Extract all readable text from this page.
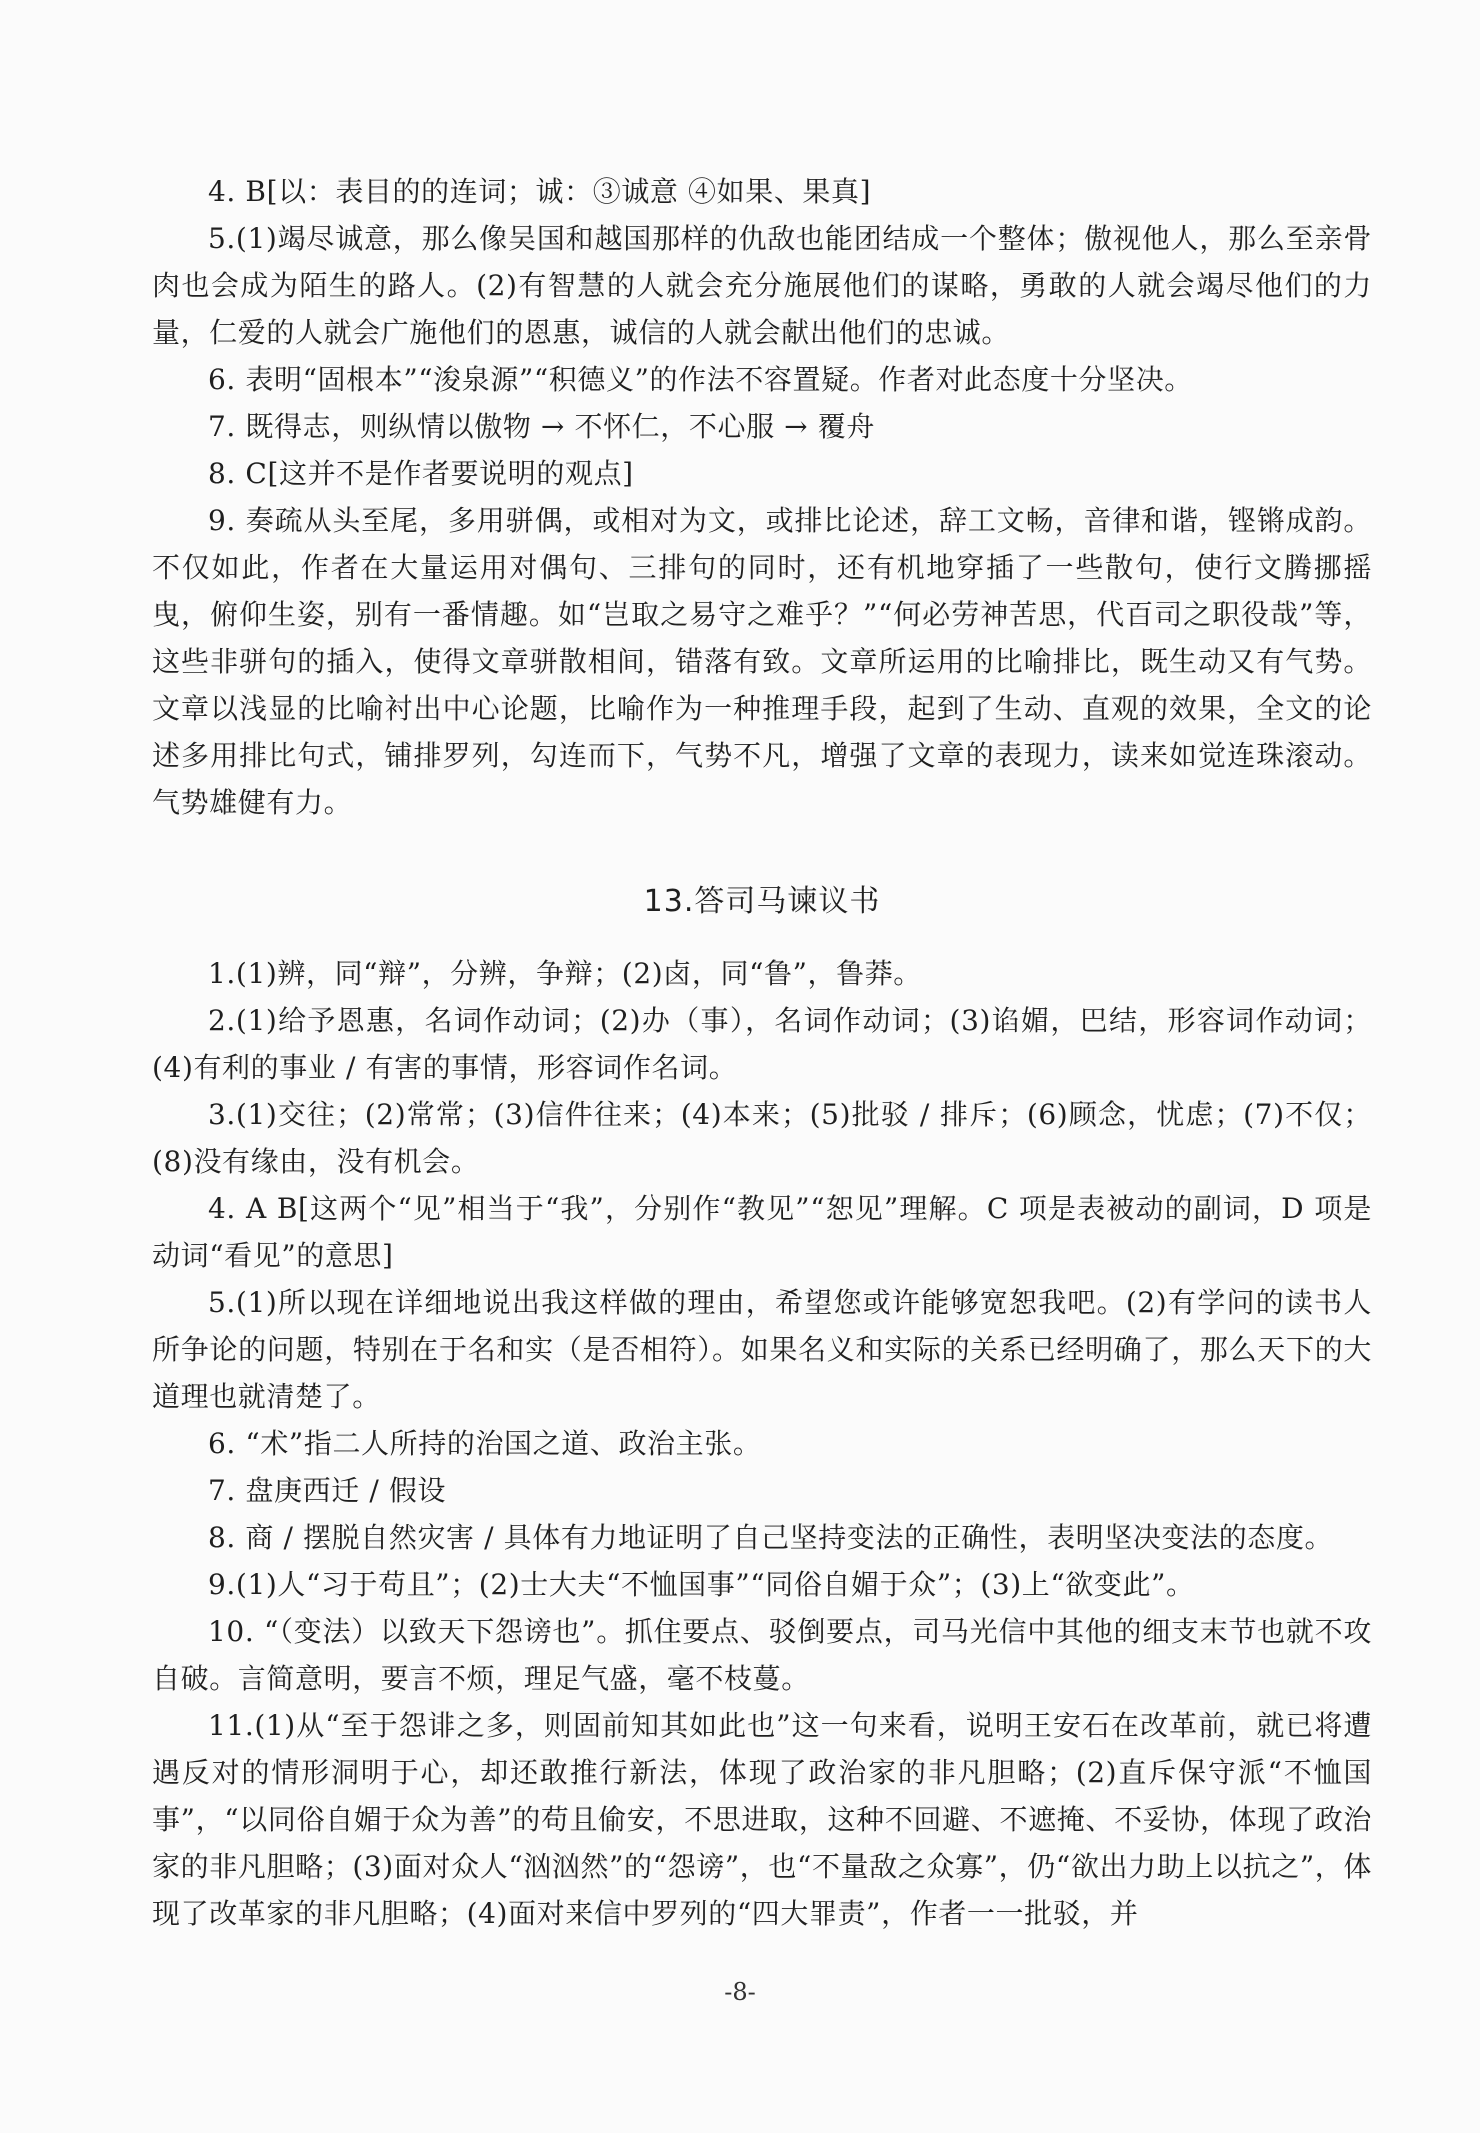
4. B[以：表目的的连词；诚：③诚意 ④如果、果真]

5.(1)竭尽诚意，那么像吴国和越国那样的仇敌也能团结成一个整体；傲视他人，那么至亲骨肉也会成为陌生的路人。(2)有智慧的人就会充分施展他们的谋略，勇敢的人就会竭尽他们的力量，仁爱的人就会广施他们的恩惠，诚信的人就会献出他们的忠诚。

6. 表明“固根本”“浚泉源”“积德义”的作法不容置疑。作者对此态度十分坚决。

7. 既得志，则纵情以傲物 → 不怀仁，不心服 → 覆舟

8. C[这并不是作者要说明的观点]

9. 奏疏从头至尾，多用骈偶，或相对为文，或排比论述，辞工文畅，音律和谐，铿锵成韵。不仅如此，作者在大量运用对偶句、三排句的同时，还有机地穿插了一些散句，使行文腾挪摇曳，俯仰生姿，别有一番情趣。如“岂取之易守之难乎？”“何必劳神苦思，代百司之职役哉”等，这些非骈句的插入，使得文章骈散相间，错落有致。文章所运用的比喻排比，既生动又有气势。文章以浅显的比喻衬出中心论题，比喻作为一种推理手段，起到了生动、直观的效果，全文的论述多用排比句式，铺排罗列，勾连而下，气势不凡，增强了文章的表现力，读来如觉连珠滚动。气势雄健有力。

13.答司马谏议书

1.(1)辨，同“辩”，分辨，争辩；(2)卤，同“鲁”，鲁莽。

2.(1)给予恩惠，名词作动词；(2)办（事），名词作动词；(3)谄媚，巴结，形容词作动词；(4)有利的事业 / 有害的事情，形容词作名词。

3.(1)交往；(2)常常；(3)信件往来；(4)本来；(5)批驳 / 排斥；(6)顾念，忧虑；(7)不仅；(8)没有缘由，没有机会。

4. A B[这两个“见”相当于“我”，分别作“教见”“恕见”理解。C 项是表被动的副词，D 项是动词“看见”的意思]

5.(1)所以现在详细地说出我这样做的理由，希望您或许能够宽恕我吧。(2)有学问的读书人所争论的问题，特别在于名和实（是否相符）。如果名义和实际的关系已经明确了，那么天下的大道理也就清楚了。

6. “术”指二人所持的治国之道、政治主张。

7. 盘庚西迁 / 假设

8. 商 / 摆脱自然灾害 / 具体有力地证明了自己坚持变法的正确性，表明坚决变法的态度。

9.(1)人“习于苟且”；(2)士大夫“不恤国事”“同俗自媚于众”；(3)上“欲变此”。

10. “（变法）以致天下怨谤也”。抓住要点、驳倒要点，司马光信中其他的细支末节也就不攻自破。言简意明，要言不烦，理足气盛，毫不枝蔓。

11.(1)从“至于怨诽之多，则固前知其如此也”这一句来看，说明王安石在改革前，就已将遭遇反对的情形洞明于心，却还敢推行新法，体现了政治家的非凡胆略；(2)直斥保守派“不恤国事”，“以同俗自媚于众为善”的苟且偷安，不思进取，这种不回避、不遮掩、不妥协，体现了政治家的非凡胆略；(3)面对众人“汹汹然”的“怨谤”，也“不量敌之众寡”，仍“欲出力助上以抗之”，体现了改革家的非凡胆略；(4)面对来信中罗列的“四大罪责”，作者一一批驳，并

-8-
